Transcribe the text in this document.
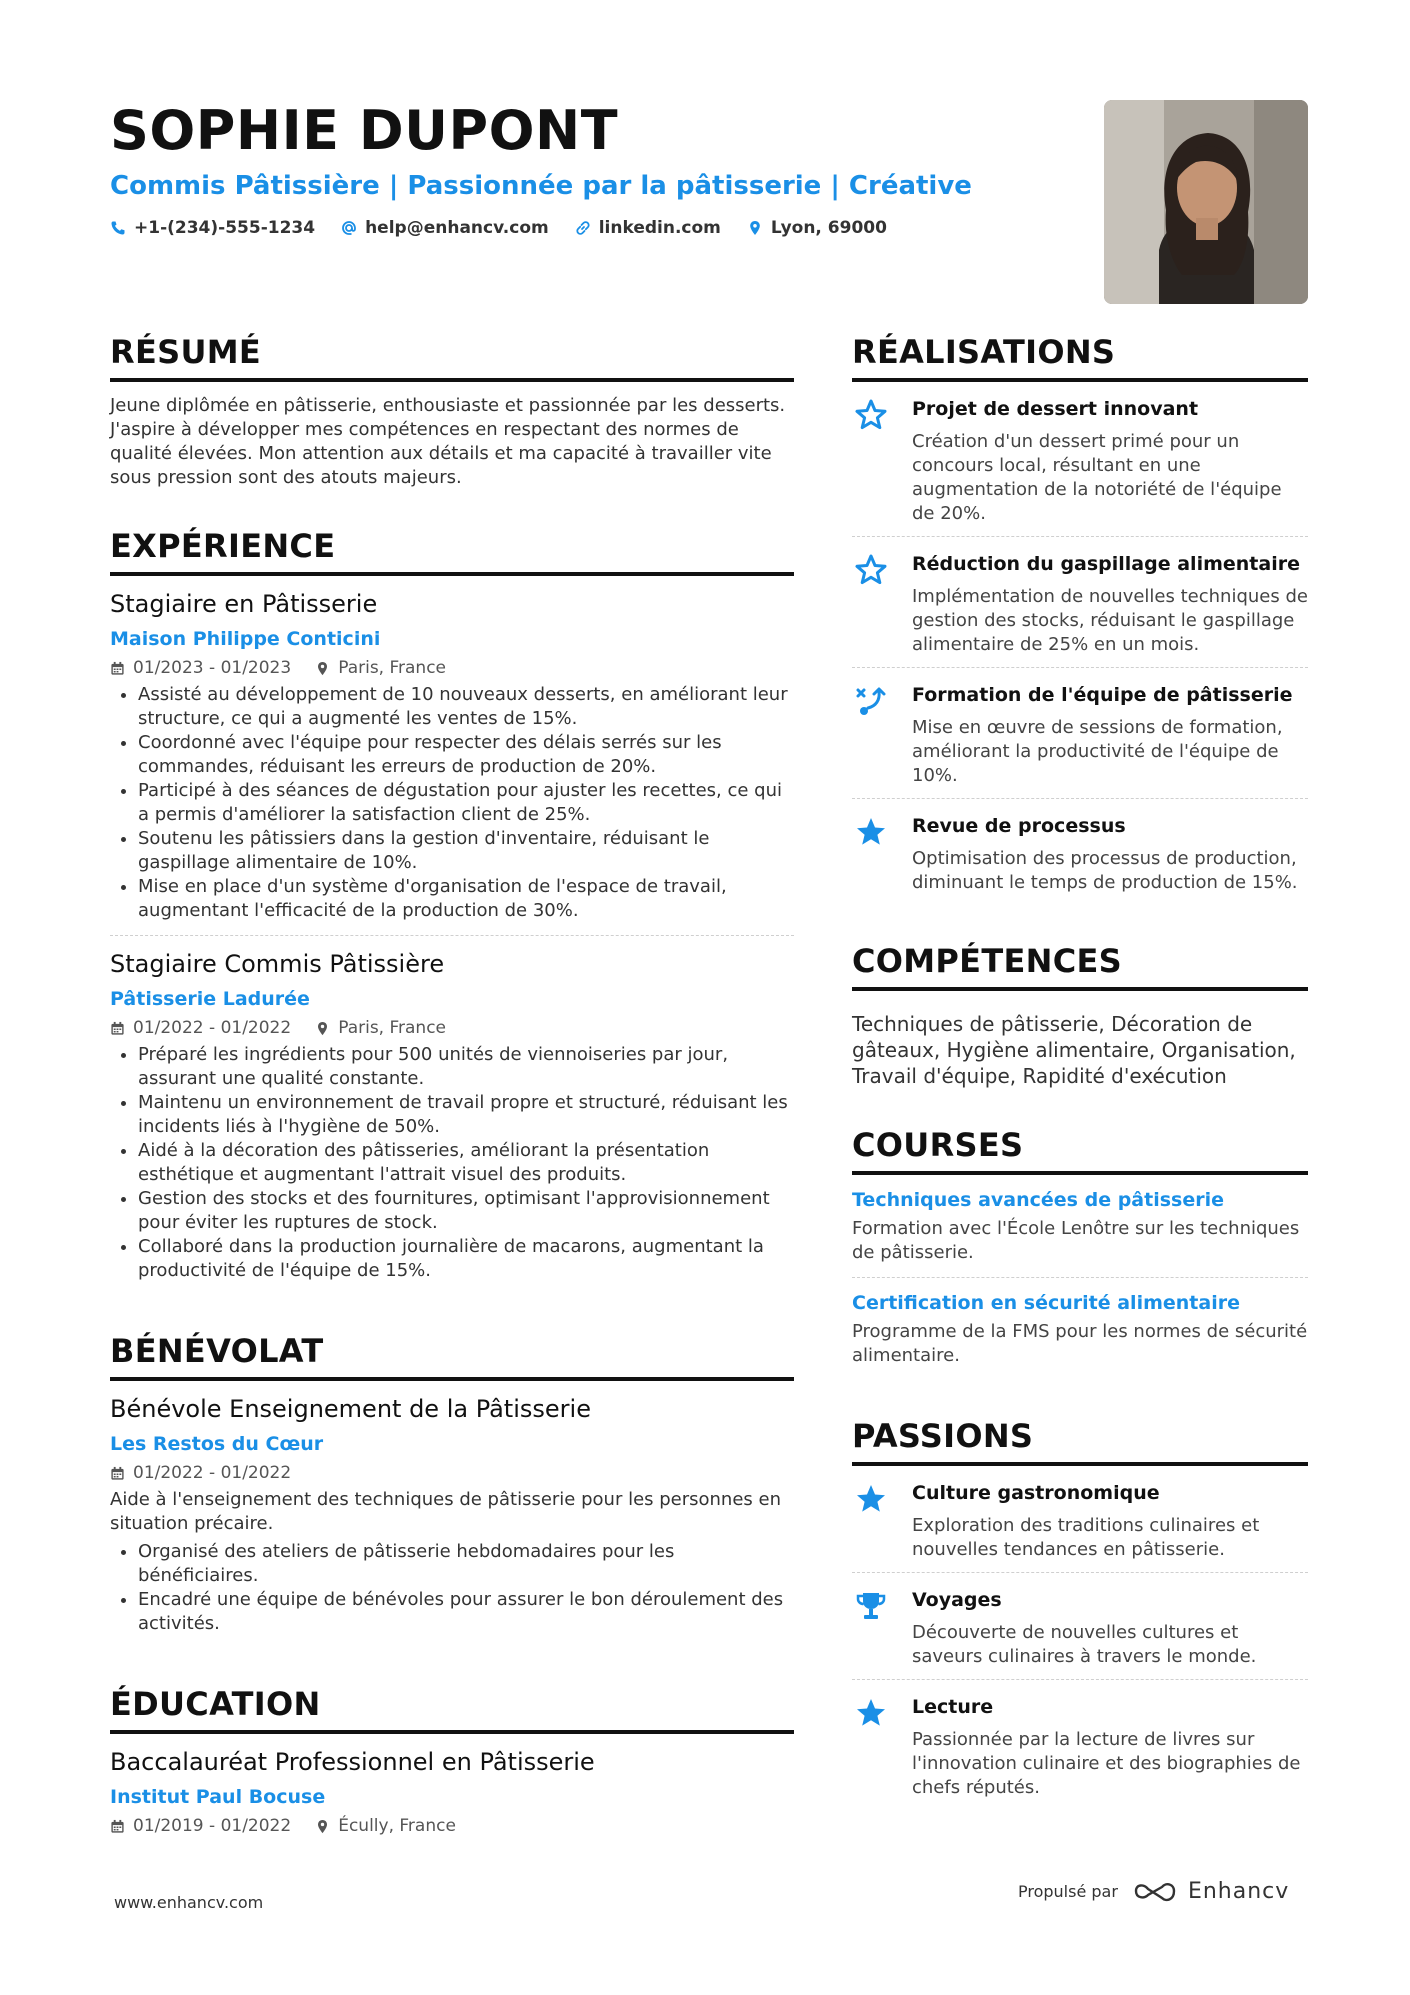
SOPHIE DUPONT
Commis Pâtissière | Passionnée par la pâtisserie | Créative
+1-(234)-555-1234	help@enhancv.com	linkedin.com	Lyon, 69000
RÉSUMÉ
Jeune diplômée en pâtisserie, enthousiaste et passionnée par les desserts. J'aspire à développer mes compétences en respectant des normes de qualité élevées. Mon attention aux détails et ma capacité à travailler vite sous pression sont des atouts majeurs.
EXPÉRIENCE
Stagiaire en Pâtisserie
Maison Philippe Conticini
01/2023 - 01/2023	Paris, France
• Assisté au développement de 10 nouveaux desserts, en améliorant leur structure, ce qui a augmenté les ventes de 15%.
• Coordonné avec l'équipe pour respecter des délais serrés sur les commandes, réduisant les erreurs de production de 20%.
• Participé à des séances de dégustation pour ajuster les recettes, ce qui a permis d'améliorer la satisfaction client de 25%.
• Soutenu les pâtissiers dans la gestion d'inventaire, réduisant le gaspillage alimentaire de 10%.
• Mise en place d'un système d'organisation de l'espace de travail, augmentant l'efficacité de la production de 30%.
Stagiaire Commis Pâtissière
Pâtisserie Ladurée
01/2022 - 01/2022	Paris, France
• Préparé les ingrédients pour 500 unités de viennoiseries par jour, assurant une qualité constante.
• Maintenu un environnement de travail propre et structuré, réduisant les incidents liés à l'hygiène de 50%.
• Aidé à la décoration des pâtisseries, améliorant la présentation esthétique et augmentant l'attrait visuel des produits.
• Gestion des stocks et des fournitures, optimisant l'approvisionnement pour éviter les ruptures de stock.
• Collaboré dans la production journalière de macarons, augmentant la productivité de l'équipe de 15%.
BÉNÉVOLAT
Bénévole Enseignement de la Pâtisserie
Les Restos du Cœur
01/2022 - 01/2022
Aide à l'enseignement des techniques de pâtisserie pour les personnes en situation précaire.
• Organisé des ateliers de pâtisserie hebdomadaires pour les bénéficiaires.
• Encadré une équipe de bénévoles pour assurer le bon déroulement des activités.
ÉDUCATION
Baccalauréat Professionnel en Pâtisserie
Institut Paul Bocuse
01/2019 - 01/2022	Écully, France
RÉALISATIONS
Projet de dessert innovant
Création d'un dessert primé pour un concours local, résultant en une augmentation de la notoriété de l'équipe de 20%.
Réduction du gaspillage alimentaire
Implémentation de nouvelles techniques de gestion des stocks, réduisant le gaspillage alimentaire de 25% en un mois.
Formation de l'équipe de pâtisserie
Mise en œuvre de sessions de formation, améliorant la productivité de l'équipe de 10%.
Revue de processus
Optimisation des processus de production, diminuant le temps de production de 15%.
COMPÉTENCES
Techniques de pâtisserie, Décoration de gâteaux, Hygiène alimentaire, Organisation, Travail d'équipe, Rapidité d'exécution
COURSES
Techniques avancées de pâtisserie
Formation avec l'École Lenôtre sur les techniques de pâtisserie.
Certification en sécurité alimentaire
Programme de la FMS pour les normes de sécurité alimentaire.
PASSIONS
Culture gastronomique
Exploration des traditions culinaires et nouvelles tendances en pâtisserie.
Voyages
Découverte de nouvelles cultures et saveurs culinaires à travers le monde.
Lecture
Passionnée par la lecture de livres sur l'innovation culinaire et des biographies de chefs réputés.
www.enhancv.com
Propulsé par	Enhancv
